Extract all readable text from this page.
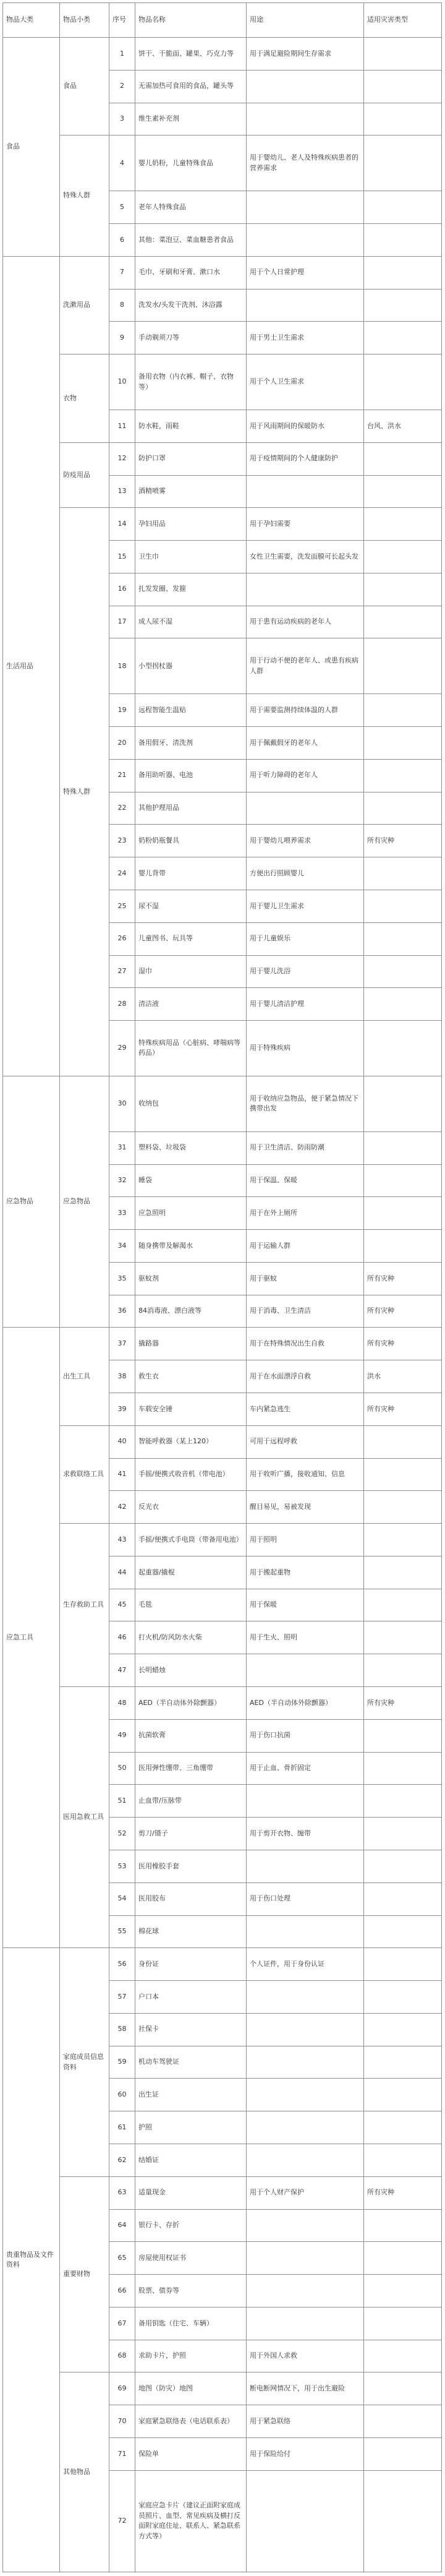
物品大类	物品小类	序号	物品名称	用途	适用灾害类型
食品	食品	1	饼干、干脆面、罐果、巧克力等	用于满足避险期间生存需求	
		2	无需加热可食用的食品，罐头等		
		3	维生素补充剂		
	特殊人群	4	婴儿奶粉，儿童特殊食品	用于婴幼儿、老人及特殊疾病患者的营养需求	
		5	老年人特殊食品		
		6	其他：菜泡豆、菜血糖患者食品		
生活用品	洗漱用品	7	毛巾、牙刷和牙膏、漱口水	用于个人日常护理	
		8	洗发水/头发干洗剂、沐浴露		
		9	手动剃须刀等	用于男士卫生需求	
	衣物	10	备用衣物（内衣裤、帽子、衣物等）	用于个人卫生需求	
		11	防水鞋，雨鞋	用于风雨期间的保暖防水	台风、洪水
	防疫用品	12	防护口罩	用于疫情期间的个人健康防护	
		13	酒精喷雾		
	特殊人群	14	孕妇用品	用于孕妇需要	
		15	卫生巾	女性卫生需要，洗发面膜可长起头发	
		16	扎发发圈、发箍		
		17	成人尿不湿	用于患有运动疾病的老年人	
		18	小型拐杖器	用于行动不便的老年人、或患有疾病人群	
		19	远程智能生温贴	用于需要监测持续体温的人群	
		20	备用假牙、清洗剂	用于佩戴假牙的老年人	
		21	备用助听器、电池	用于听力障碍的老年人	
		22	其他护理用品		
		23	奶粉奶瓶餐具	用于婴幼儿喂养需求	所有灾种
		24	婴儿背带	方便出行照顾婴儿	
		25	尿不湿	用于婴儿卫生需求	
		26	儿童图书、玩具等	用于儿童娱乐	
		27	湿巾	用于婴儿洗浴	
		28	清洁液	用于婴儿清洁护理	
		29	特殊疾病用品（心脏病、哮喘病等药品）	用于特殊疾病	
应急物品	应急物品	30	收纳包	用于收纳应急物品，便于紧急情况下携带出发	
		31	塑料袋、垃圾袋	用于卫生清洁、防雨防潮	
		32	睡袋	用于保温、保暖	
		33	应急照明	用于在外上厕所	
		34	随身携带及解渴水	用于运输人群	
		35	驱蚊剂	用于驱蚊	所有灾种
		36	84消毒液、漂白液等	用于消毒、卫生清洁	所有灾种
应急工具	出生工具	37	撬路器	用于在特殊情况出生自救	所有灾种
		38	救生衣	用于在水面漂浮自救	洪水
		39	车载安全锤	车内紧急逃生	所有灾种
	求救联络工具	40	智能呼救器（某上120）	可用于远程呼救	
		41	手摇/便携式收音机（带电池）	用于收听广播，接收通知、信息	
		42	反光衣	醒目易见，易被发现	
	生存救助工具	43	手摇/便携式手电筒（带备用电池）	用于照明	
		44	起重器/撬棍	用于搬起重物	
		45	毛毯	用于保暖	
		46	打火机/防风防水火柴	用于生火、照明	
		47	长明蜡烛		
	医用急救工具	48	AED（半自动体外除颤器）	AED（半自动体外除颤器）	所有灾种
		49	抗菌软膏	用于伤口抗菌	
		50	医用弹性绷带、三角绷带	用于止血、骨折固定	
		51	止血带/压脉带		
		52	剪刀/镊子	用于剪开衣物、缠带	
		53	医用橡胶手套		
		54	医用胶布	用于伤口处理	
		55	棉花球		
贵重物品及文件资料	家庭成员信息资料	56	身份证	个人证件，用于身份认证	
		57	户口本		
		58	社保卡		
		59	机动车驾驶证		
		60	出生证		
		61	护照		
		62	结婚证		
	重要财物	63	适量现金	用于个人财产保护	所有灾种
		64	银行卡、存折		
		65	房屋使用权证书		
		66	股票、债券等		
		67	备用钥匙（住宅、车辆）		
		68	求助卡片，护照	用于外国人求救	
	其他物品	69	地图（防灾）地图	断电断网情况下，用于出生避险	
		70	家庭紧急联络表（电话联系表）	用于紧急联络	
		71	保险单	用于保险给付	
		72	家庭应急卡片（建议正面附家庭成员照片、血型、常见疾病及横打反面附家庭住址、联系人、紧急联系方式等）		
